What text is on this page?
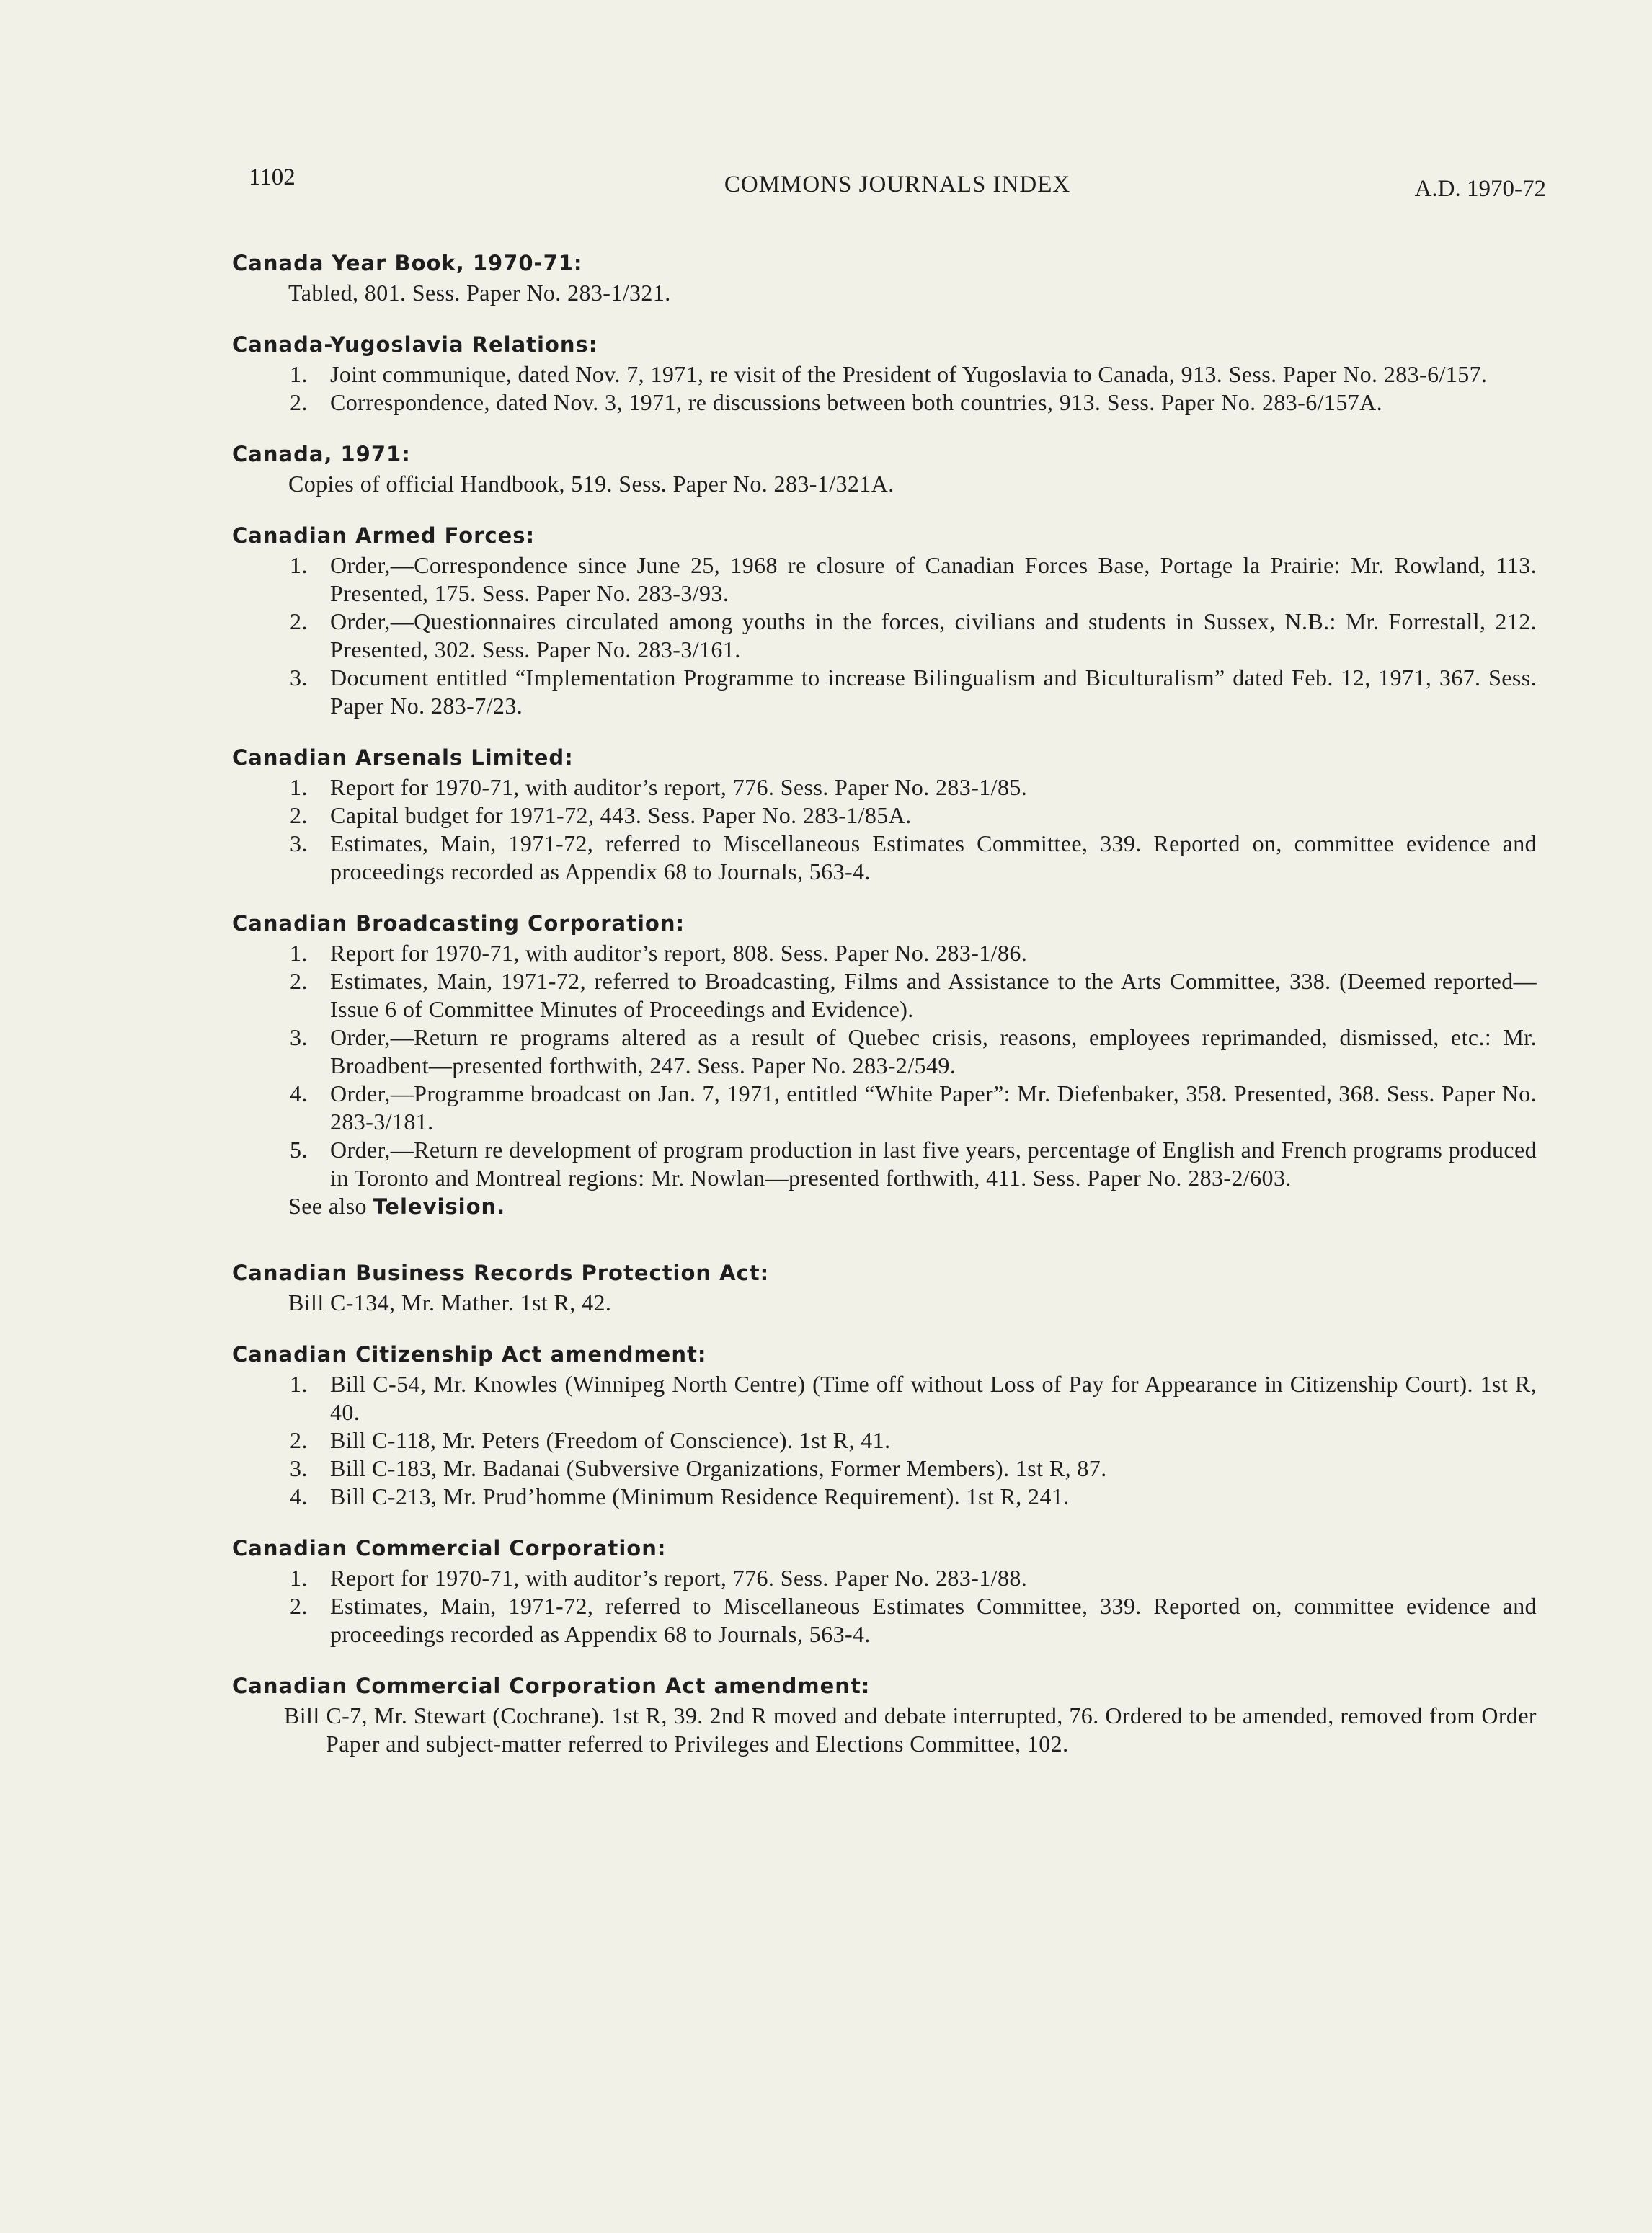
1102	COMMONS JOURNALS INDEX	A.D. 1970-72
Canada Year Book, 1970-71:
Tabled, 801. Sess. Paper No. 283-1/321.
Canada-Yugoslavia Relations:
1. Joint communique, dated Nov. 7, 1971, re visit of the President of Yugoslavia to Canada, 913. Sess. Paper No. 283-6/157.
2. Correspondence, dated Nov. 3, 1971, re discussions between both countries, 913. Sess. Paper No. 283-6/157A.
Canada, 1971:
Copies of official Handbook, 519. Sess. Paper No. 283-1/321A.
Canadian Armed Forces:
1. Order,—Correspondence since June 25, 1968 re closure of Canadian Forces Base, Portage la Prairie: Mr. Rowland, 113. Presented, 175. Sess. Paper No. 283-3/93.
2. Order,—Questionnaires circulated among youths in the forces, civilians and students in Sussex, N.B.: Mr. Forrestall, 212. Presented, 302. Sess. Paper No. 283-3/161.
3. Document entitled “Implementation Programme to increase Bilingualism and Biculturalism” dated Feb. 12, 1971, 367. Sess. Paper No. 283-7/23.
Canadian Arsenals Limited:
1. Report for 1970-71, with auditor’s report, 776. Sess. Paper No. 283-1/85.
2. Capital budget for 1971-72, 443. Sess. Paper No. 283-1/85A.
3. Estimates, Main, 1971-72, referred to Miscellaneous Estimates Committee, 339. Reported on, committee evidence and proceedings recorded as Appendix 68 to Journals, 563-4.
Canadian Broadcasting Corporation:
1. Report for 1970-71, with auditor’s report, 808. Sess. Paper No. 283-1/86.
2. Estimates, Main, 1971-72, referred to Broadcasting, Films and Assistance to the Arts Committee, 338. (Deemed reported—Issue 6 of Committee Minutes of Proceedings and Evidence).
3. Order,—Return re programs altered as a result of Quebec crisis, reasons, employees reprimanded, dismissed, etc.: Mr. Broadbent—presented forthwith, 247. Sess. Paper No. 283-2/549.
4. Order,—Programme broadcast on Jan. 7, 1971, entitled “White Paper”: Mr. Diefenbaker, 358. Presented, 368. Sess. Paper No. 283-3/181.
5. Order,—Return re development of program production in last five years, percentage of English and French programs produced in Toronto and Montreal regions: Mr. Nowlan—presented forthwith, 411. Sess. Paper No. 283-2/603.
See also Television.
Canadian Business Records Protection Act:
Bill C-134, Mr. Mather. 1st R, 42.
Canadian Citizenship Act amendment:
1. Bill C-54, Mr. Knowles (Winnipeg North Centre) (Time off without Loss of Pay for Appearance in Citizenship Court). 1st R, 40.
2. Bill C-118, Mr. Peters (Freedom of Conscience). 1st R, 41.
3. Bill C-183, Mr. Badanai (Subversive Organizations, Former Members). 1st R, 87.
4. Bill C-213, Mr. Prud’homme (Minimum Residence Requirement). 1st R, 241.
Canadian Commercial Corporation:
1. Report for 1970-71, with auditor’s report, 776. Sess. Paper No. 283-1/88.
2. Estimates, Main, 1971-72, referred to Miscellaneous Estimates Committee, 339. Reported on, committee evidence and proceedings recorded as Appendix 68 to Journals, 563-4.
Canadian Commercial Corporation Act amendment:
Bill C-7, Mr. Stewart (Cochrane). 1st R, 39. 2nd R moved and debate interrupted, 76. Ordered to be amended, removed from Order Paper and subject-matter referred to Privileges and Elections Committee, 102.
